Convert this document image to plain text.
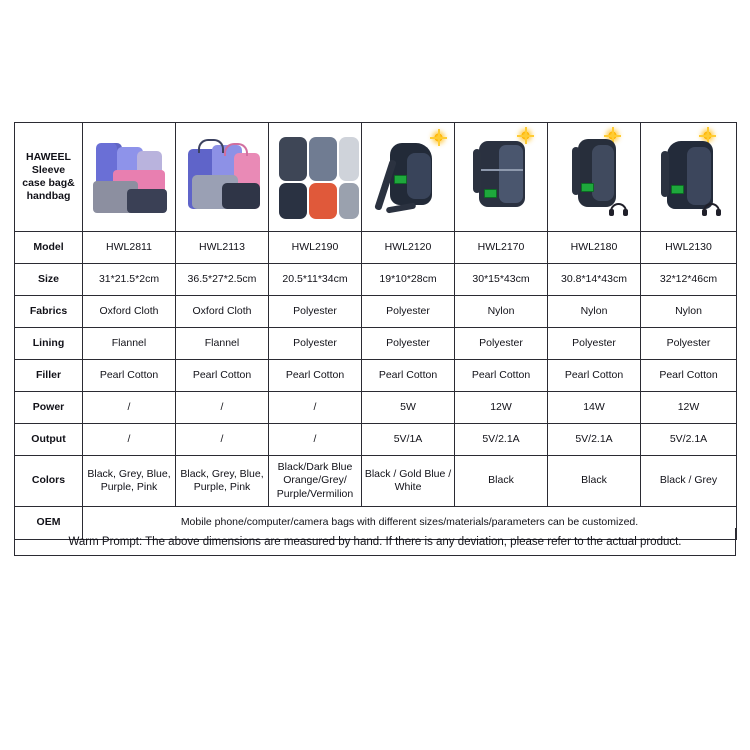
HAWEEL
Sleeve
case bag&
handbag							

Model	HWL2811	HWL2113	HWL2190	HWL2120	HWL2170	HWL2180	HWL2130
Size	31*21.5*2cm	36.5*27*2.5cm	20.5*11*34cm	19*10*28cm	30*15*43cm	30.8*14*43cm	32*12*46cm
Fabrics	Oxford Cloth	Oxford Cloth	Polyester	Polyester	Nylon	Nylon	Nylon
Lining	Flannel	Flannel	Polyester	Polyester	Polyester	Polyester	Polyester
Filler	Pearl Cotton	Pearl Cotton	Pearl Cotton	Pearl Cotton	Pearl Cotton	Pearl Cotton	Pearl Cotton
Power	/	/	/	5W	12W	14W	12W
Output	/	/	/	5V/1A	5V/2.1A	5V/2.1A	5V/2.1A
Colors	Black, Grey, Blue, Purple, Pink	Black, Grey, Blue, Purple, Pink	Black/Dark Blue Orange/Grey/ Purple/Vermilion	Black / Gold Blue / White	Black	Black	Black / Grey
OEM	Mobile phone/computer/camera bags with different sizes/materials/parameters can be customized.						
Warm Prompt: The above dimensions are measured by hand. If there is any deviation, please refer to the actual product.
